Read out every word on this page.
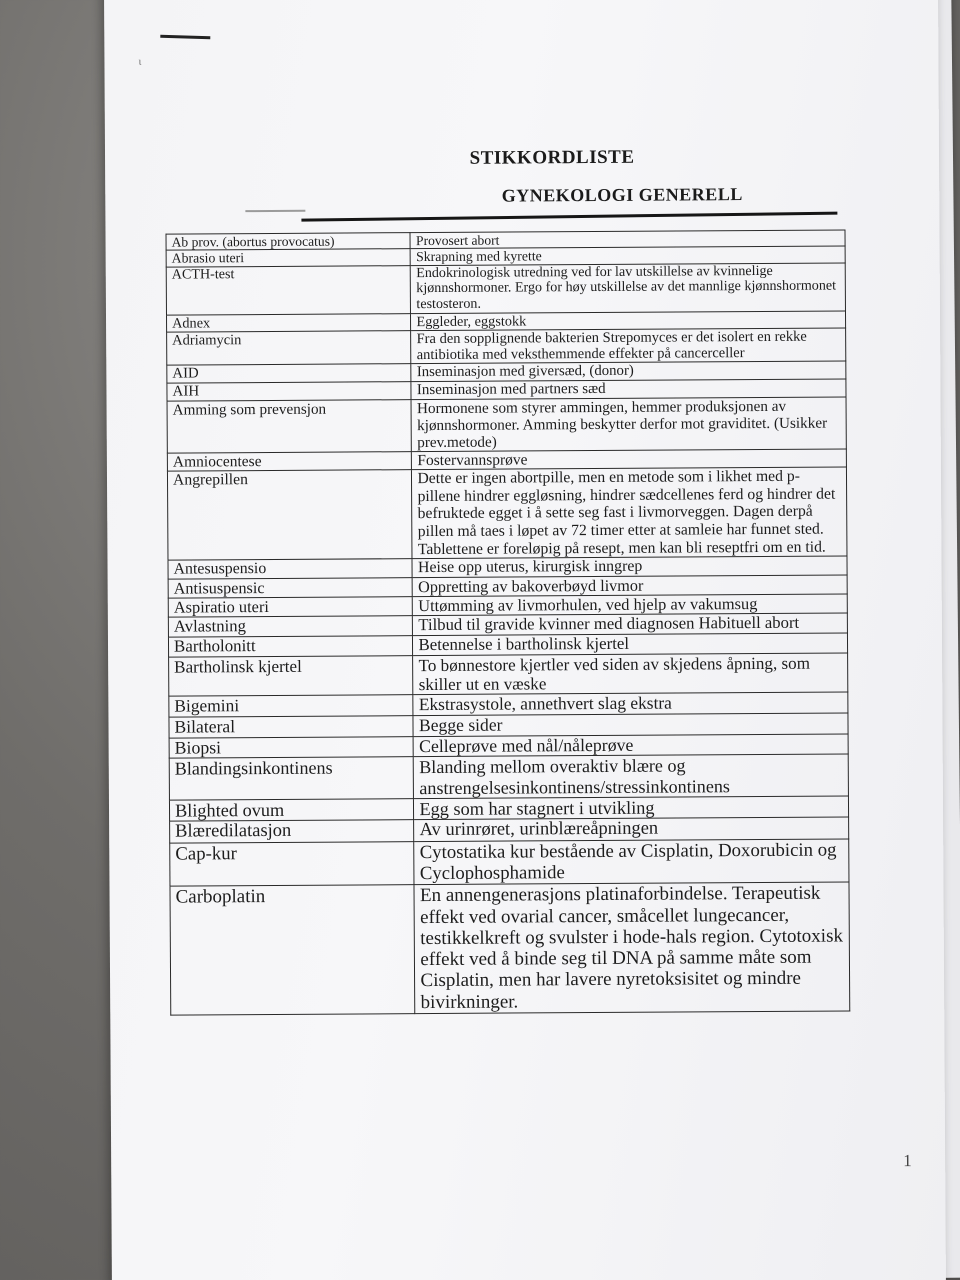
ι
STIKKORDLISTE
GYNEKOLOGI GENERELL
Ab prov. (abortus provocatus)	Provosert abort
Abrasio uteri	Skrapning med kyrette
ACTH-test	Endokrinologisk utredning ved for lav utskillelse av kvinnelige kjønnshormoner. Ergo for høy utskillelse av det mannlige kjønnshormonet testosteron.
Adnex	Eggleder, eggstokk
Adriamycin	Fra den sopplignende bakterien Strepomyces er det isolert en rekke antibiotika med veksthemmende effekter på cancerceller
AID	Inseminasjon med giversæd, (donor)
AIH	Inseminasjon med partners sæd
Amming som prevensjon	Hormonene som styrer ammingen, hemmer produksjonen av kjønnshormoner. Amming beskytter derfor mot graviditet. (Usikker prev.metode)
Amniocentese	Fostervannsprøve
Angrepillen	Dette er ingen abortpille, men en metode som i likhet med p-pillene hindrer eggløsning, hindrer sædcellenes ferd og hindrer det befruktede egget i å sette seg fast i livmorveggen. Dagen derpå pillen må taes i løpet av 72 timer etter at samleie har funnet sted. Tablettene er foreløpig på resept, men kan bli reseptfri om en tid.
Antesuspensio	Heise opp uterus, kirurgisk inngrep
Antisuspensic	Oppretting av bakoverbøyd livmor
Aspiratio uteri	Uttømming av livmorhulen, ved hjelp av vakumsug
Avlastning	Tilbud til gravide kvinner med diagnosen Habituell abort
Bartholonitt	Betennelse i bartholinsk kjertel
Bartholinsk kjertel	To bønnestore kjertler ved siden av skjedens åpning, som skiller ut en væske
Bigemini	Ekstrasystole, annethvert slag ekstra
Bilateral	Begge sider
Biopsi	Celleprøve med nål/nåleprøve
Blandingsinkontinens	Blanding mellom overaktiv blære og anstrengelsesinkontinens/stressinkontinens
Blighted ovum	Egg som har stagnert i utvikling
Blæredilatasjon	Av urinrøret, urinblæreåpningen
Cap-kur	Cytostatika kur bestående av Cisplatin, Doxorubicin og Cyclophosphamide
Carboplatin	En annengenerasjons platinaforbindelse. Terapeutisk effekt ved ovarial cancer, småcellet lungecancer, testikkelkreft og svulster i hode-hals region. Cytotoxisk effekt ved å binde seg til DNA på samme måte som Cisplatin, men har lavere nyretoksisitet og mindre bivirkninger.
1
